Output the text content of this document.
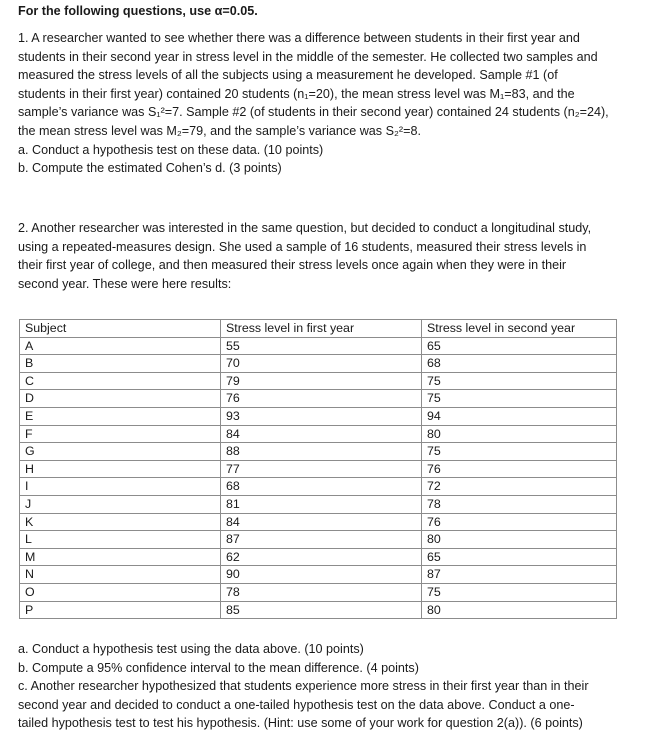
For the following questions, use α=0.05.

1. A researcher wanted to see whether there was a difference between students in their first year and

students in their second year in stress level in the middle of the semester. He collected two samples and

measured the stress levels of all the subjects using a measurement he developed. Sample #1 (of

students in their first year) contained 20 students (n₁=20), the mean stress level was M₁=83, and the

sample’s variance was S₁²=7. Sample #2 (of students in their second year) contained 24 students (n₂=24),

the mean stress level was M₂=79, and the sample’s variance was S₂²=8.

a. Conduct a hypothesis test on these data. (10 points)

b. Compute the estimated Cohen’s d. (3 points)

2. Another researcher was interested in the same question, but decided to conduct a longitudinal study,

using a repeated-measures design. She used a sample of 16 students, measured their stress levels in

their first year of college, and then measured their stress levels once again when they were in their

second year. These were here results:

Subject	Stress level in first year	Stress level in second year
A	55	65
B	70	68
C	79	75
D	76	75
E	93	94
F	84	80
G	88	75
H	77	76
I	68	72
J	81	78
K	84	76
L	87	80
M	62	65
N	90	87
O	78	75
P	85	80

a. Conduct a hypothesis test using the data above. (10 points)

b. Compute a 95% confidence interval to the mean difference. (4 points)

c. Another researcher hypothesized that students experience more stress in their first year than in their

second year and decided to conduct a one-tailed hypothesis test on the data above. Conduct a one-

tailed hypothesis test to test his hypothesis. (Hint: use some of your work for question 2(a)). (6 points)
